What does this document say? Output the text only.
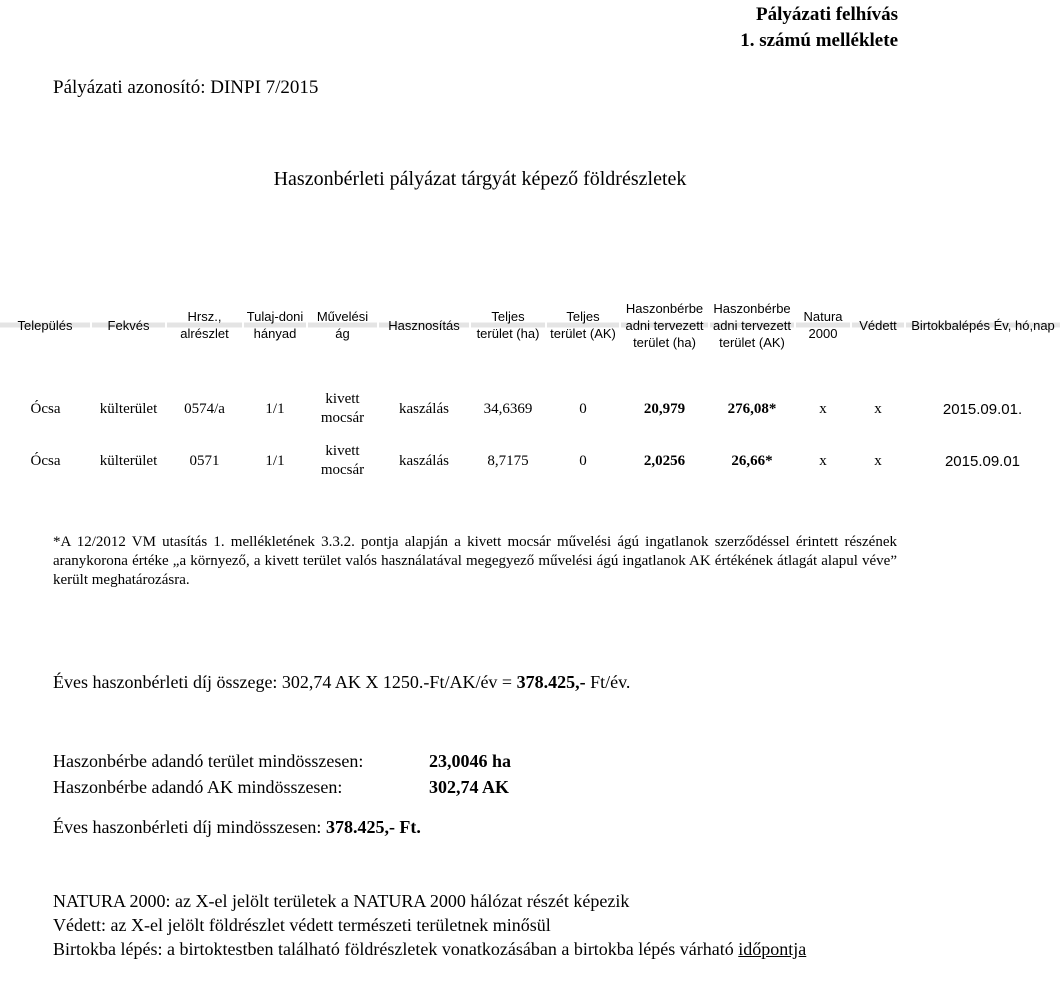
Pályázati felhívás
1. számú melléklete
Pályázati azonosító: DINPI 7/2015
Haszonbérleti pályázat tárgyát képező földrészletek
Település	Fekvés	Hrsz., alrészlet	Tulaj-doni hányad	Művelési ág	Hasznosítás	Teljes terület (ha)	Teljes terület (AK)	Haszonbérbe adni tervezett terület (ha)	Haszonbérbe adni tervezett terület (AK)	Natura 2000	Védett	Birtokbalépés Év, hó,nap
Ócsa	külterület	0574/a	1/1	kivett mocsár	kaszálás	34,6369	0	20,979	276,08*	x	x	2015.09.01.
Ócsa	külterület	0571	1/1	kivett mocsár	kaszálás	8,7175	0	2,0256	26,66*	x	x	2015.09.01
*A 12/2012 VM utasítás 1. mellékletének 3.3.2. pontja alapján a kivett mocsár művelési ágú ingatlanok szerződéssel érintett részének aranykorona értéke „a környező, a kivett terület valós használatával megegyező művelési ágú ingatlanok AK értékének átlagát alapul véve” került meghatározásra.
Éves haszonbérleti díj összege: 302,74 AK X 1250.-Ft/AK/év = 378.425,- Ft/év.
Haszonbérbe adandó terület mindösszesen:	23,0046 ha
Haszonbérbe adandó AK mindösszesen:	302,74 AK
Éves haszonbérleti díj mindösszesen: 378.425,- Ft.
NATURA 2000: az X-el jelölt területek a NATURA 2000 hálózat részét képezik
Védett: az X-el jelölt földrészlet védett természeti területnek minősül
Birtokba lépés: a birtoktestben található földrészletek vonatkozásában a birtokba lépés várható időpontja
